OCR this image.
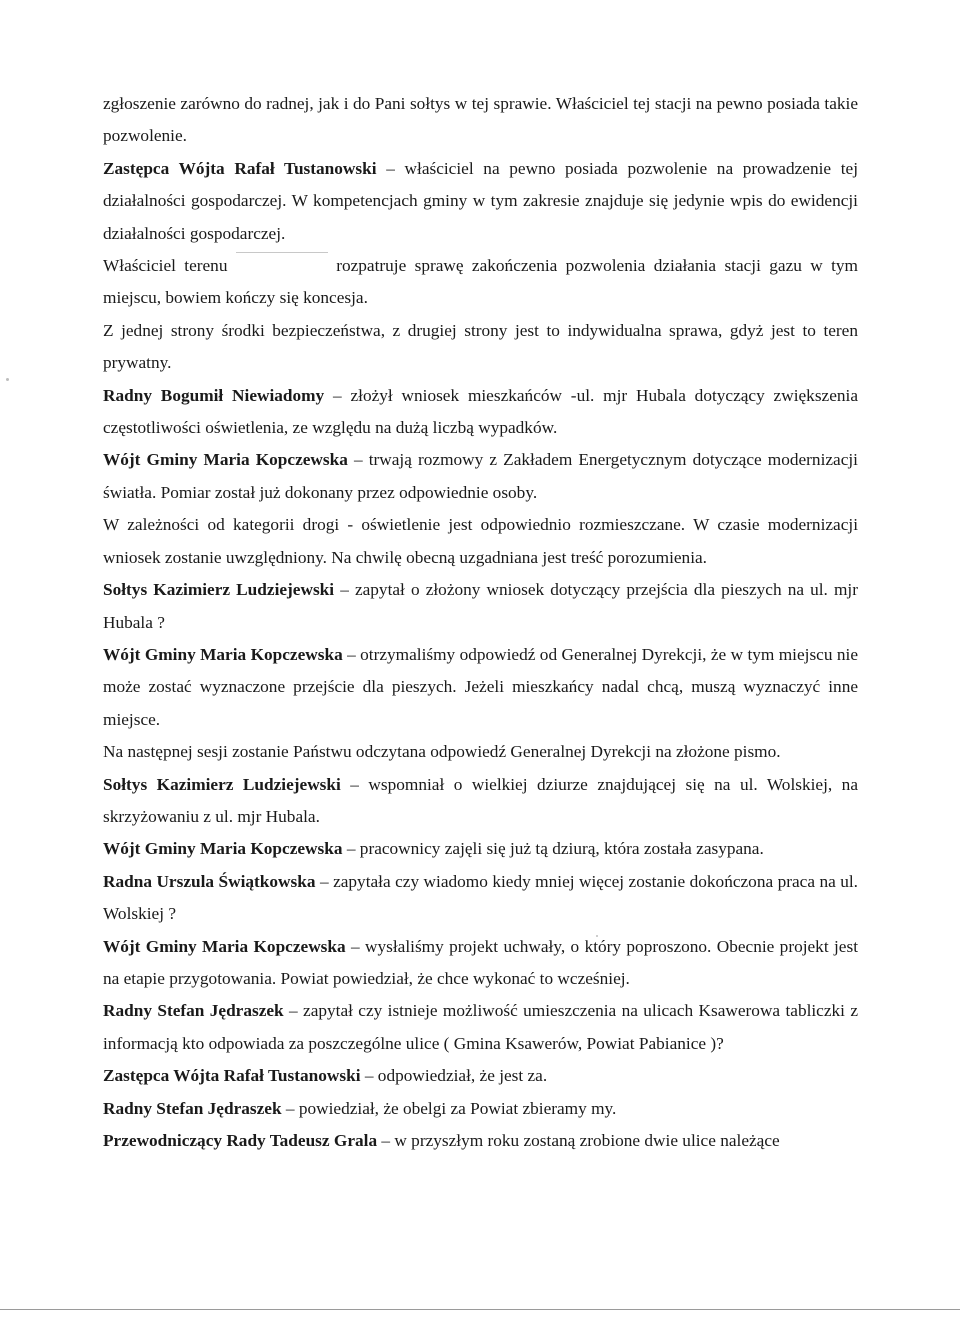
zgłoszenie zarówno do radnej, jak i do Pani sołtys w tej sprawie. Właściciel tej stacji na pewno posiada takie pozwolenie.

Zastępca Wójta Rafał Tustanowski – właściciel na pewno posiada pozwolenie na prowadzenie tej działalności gospodarczej. W kompetencjach gminy w tym zakresie znajduje się jedynie wpis do ewidencji działalności gospodarczej.

Właściciel terenu	rozpatruje sprawę zakończenia pozwolenia działania stacji gazu w tym miejscu, bowiem kończy się koncesja.

Z jednej strony środki bezpieczeństwa, z drugiej strony jest to indywidualna sprawa, gdyż jest to teren prywatny.

Radny Bogumił Niewiadomy – złożył wniosek mieszkańców -ul. mjr Hubala dotyczący zwiększenia częstotliwości oświetlenia, ze względu na dużą liczbą wypadków.

Wójt Gminy Maria Kopczewska – trwają rozmowy z Zakładem Energetycznym dotyczące modernizacji światła. Pomiar został już dokonany przez odpowiednie osoby.

W zależności od kategorii drogi - oświetlenie jest odpowiednio rozmieszczane. W czasie modernizacji wniosek zostanie uwzględniony. Na chwilę obecną uzgadniana jest treść porozumienia.

Sołtys Kazimierz Ludziejewski – zapytał o złożony wniosek dotyczący przejścia dla pieszych na ul. mjr Hubala ?

Wójt Gminy Maria Kopczewska – otrzymaliśmy odpowiedź od Generalnej Dyrekcji, że w tym miejscu nie może zostać wyznaczone przejście dla pieszych. Jeżeli mieszkańcy nadal chcą, muszą wyznaczyć inne miejsce.

Na następnej sesji zostanie Państwu odczytana odpowiedź Generalnej Dyrekcji na złożone pismo.

Sołtys Kazimierz Ludziejewski – wspomniał o wielkiej dziurze znajdującej się na ul. Wolskiej, na skrzyżowaniu z ul. mjr Hubala.

Wójt Gminy Maria Kopczewska – pracownicy zajęli się już tą dziurą, która została zasypana.

Radna Urszula Świątkowska – zapytała czy wiadomo kiedy mniej więcej zostanie dokończona praca na ul. Wolskiej ?

Wójt Gminy Maria Kopczewska – wysłaliśmy projekt uchwały, o który poproszono. Obecnie projekt jest na etapie przygotowania. Powiat powiedział, że chce wykonać to wcześniej.

Radny Stefan Jędraszek – zapytał czy istnieje możliwość umieszczenia na ulicach Ksawerowa tabliczki z informacją kto odpowiada za poszczególne ulice ( Gmina Ksawerów, Powiat Pabianice )?

Zastępca Wójta Rafał Tustanowski – odpowiedział, że jest za.

Radny Stefan Jędraszek – powiedział, że obelgi za Powiat zbieramy my.

Przewodniczący Rady Tadeusz Grala – w przyszłym roku zostaną zrobione dwie ulice należące
